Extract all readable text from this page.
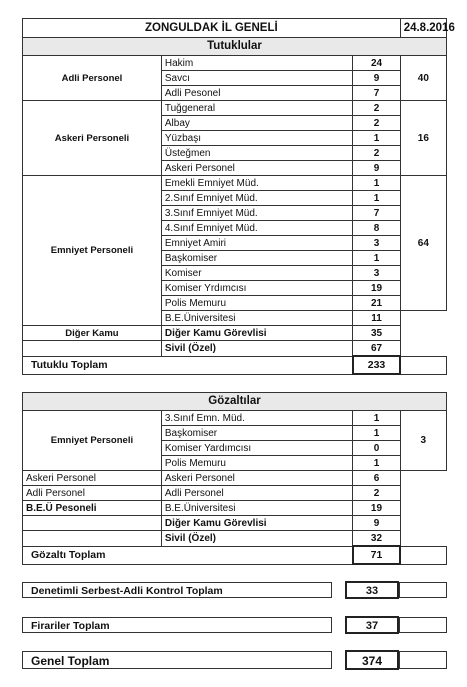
ZONGULDAK İL GENELİ			24.8.2016
Tutuklular			
Adli Personel	Hakim	24	40
	Savcı	9	
	Adli Pesonel	7	
Askeri Personeli	Tuğgeneral	2	16
	Albay	2	
	Yüzbaşı	1	
	Üsteğmen	2	
	Askeri Personel	9	
Emniyet Personeli	Emekli Emniyet Müd.	1	64
	2.Sınıf Emniyet Müd.	1	
	3.Sınıf Emniyet Müd.	7	
	4.Sınıf Emniyet Müd.	8	
	Emniyet Amiri	3	
	Başkomiser	1	
	Komiser	3	
	Komiser Yrdımcısı	19	
	Polis Memuru	21	
	B.E.Üniversitesi	11	
Diğer Kamu	Diğer Kamu Görevlisi	35	
	Sivil (Özel)	67	
Tutuklu Toplam		233	
Gözaltılar			
Emniyet Personeli	3.Sınıf Emn. Müd.	1	3
	Başkomiser	1	
	Komiser Yardımcısı	0	
	Polis Memuru	1	
Askeri Personel	Askeri Personel	6	
Adli Personel	Adli Personel	2	
B.E.Ü Pesoneli	B.E.Üniversitesi	19	
	Diğer Kamu Görevlisi	9	
	Sivil (Özel)	32	
Gözaltı Toplam		71	
Denetimli Serbest-Adli Kontrol Toplam	33
Firariler Toplam	37
Genel Toplam	374
